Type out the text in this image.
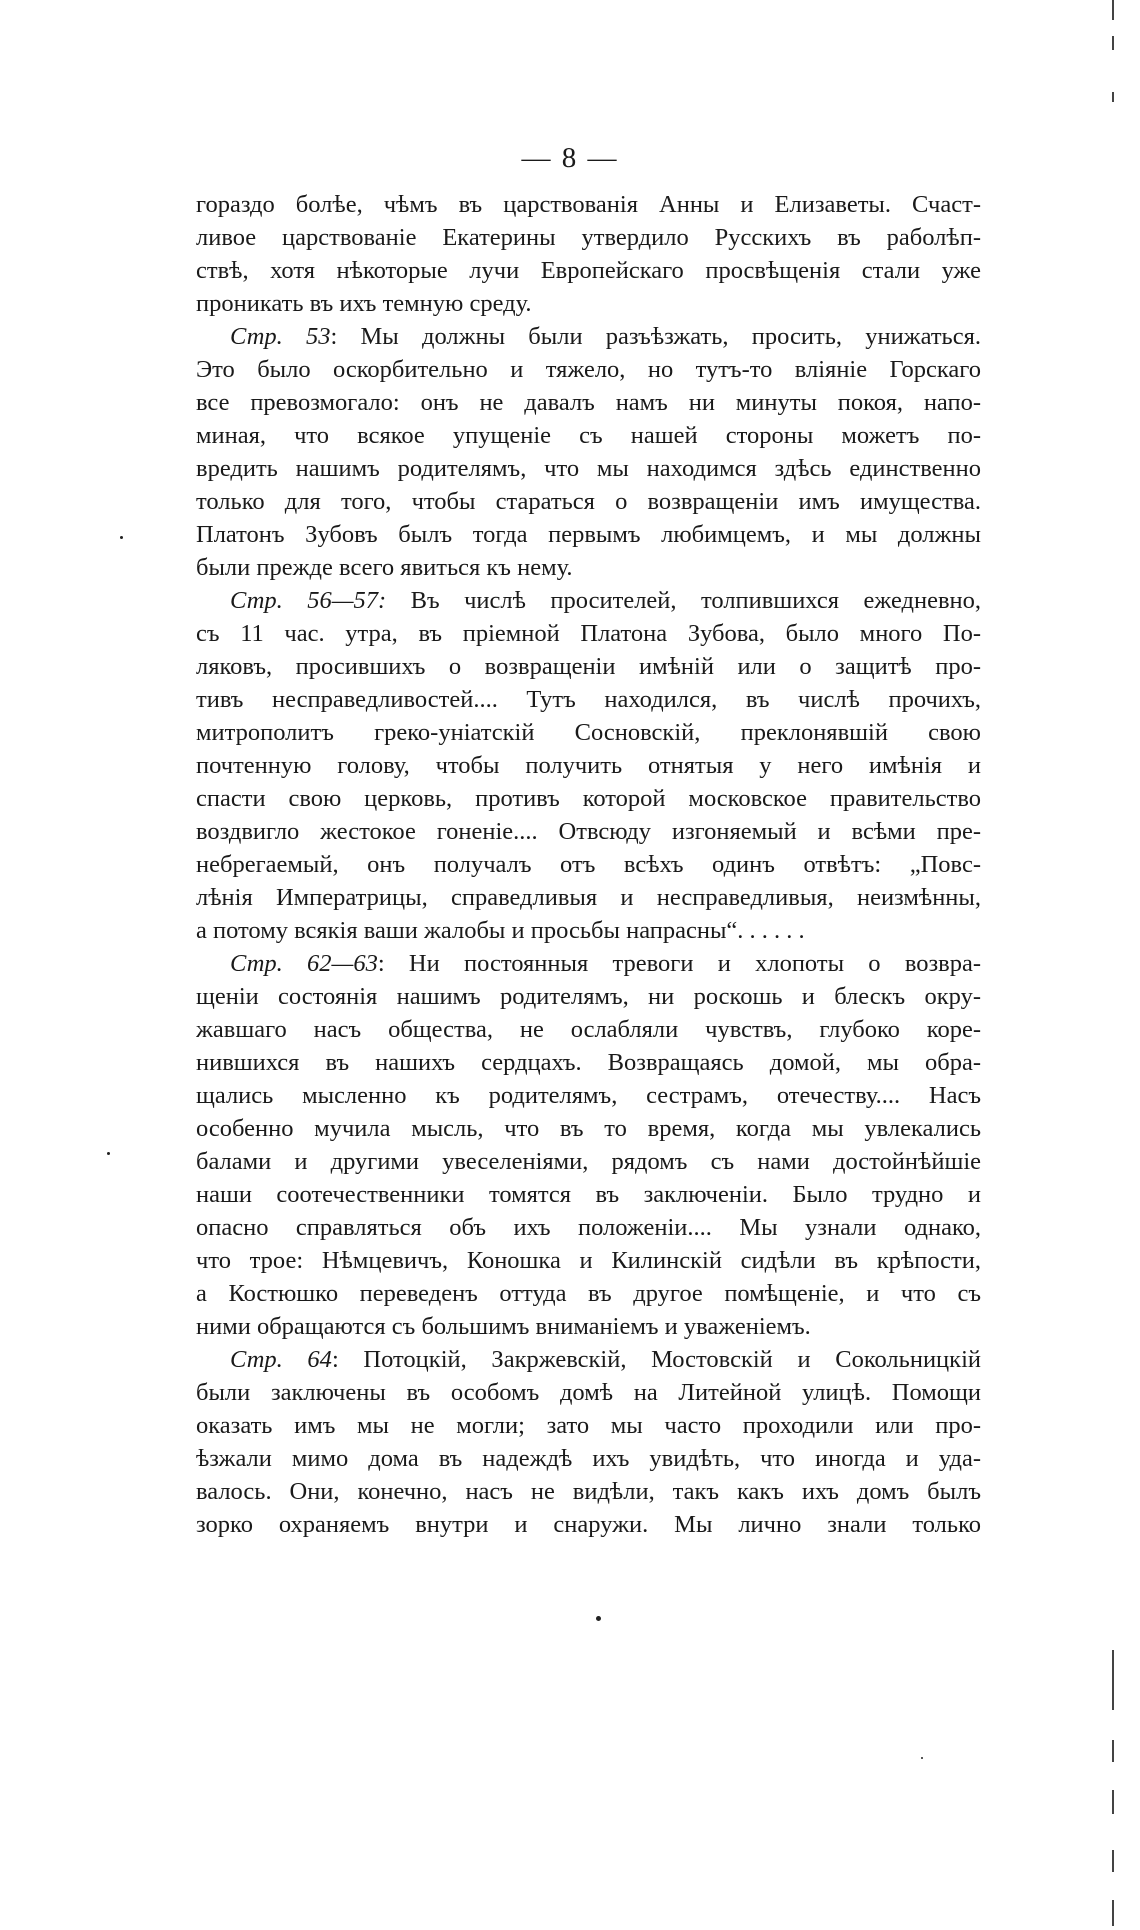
— 8 —
гораздо болѣе, чѣмъ въ царствованія Анны и Елизаветы. Счаст-
ливое царствованіе Екатерины утвердило Русскихъ въ раболѣп-
ствѣ, хотя нѣкоторые лучи Европейскаго просвѣщенія стали уже
проникать въ ихъ темную среду.
Стр. 53: Мы должны были разъѣзжать, просить, унижаться.
Это было оскорбительно и тяжело, но тутъ-то вліяніе Горскаго
все превозмогало: онъ не давалъ намъ ни минуты покоя, напо-
миная, что всякое упущеніе съ нашей стороны можетъ по-
вредить нашимъ родителямъ, что мы находимся здѣсь единственно
только для того, чтобы стараться о возвращеніи имъ имущества.
Платонъ Зубовъ былъ тогда первымъ любимцемъ, и мы должны
были прежде всего явиться къ нему.
Стр. 56—57: Въ числѣ просителей, толпившихся ежедневно,
съ 11 час. утра, въ пріемной Платона Зубова, было много По-
ляковъ, просившихъ о возвращеніи имѣній или о защитѣ про-
тивъ несправедливостей.... Тутъ находился, въ числѣ прочихъ,
митрополитъ греко-уніатскій Сосновскій, преклонявшій свою
почтенную голову, чтобы получить отнятыя у него имѣнія и
спасти свою церковь, противъ которой московское правительство
воздвигло жестокое гоненіе.... Отвсюду изгоняемый и всѣми пре-
небрегаемый, онъ получалъ отъ всѣхъ одинъ отвѣтъ: „Повс-
лѣнія Императрицы, справедливыя и несправедливыя, неизмѣнны,
а потому всякія ваши жалобы и просьбы напрасны“. . . . . .
Стр. 62—63: Ни постоянныя тревоги и хлопоты о возвра-
щеніи состоянія нашимъ родителямъ, ни роскошь и блескъ окру-
жавшаго насъ общества, не ослабляли чувствъ, глубоко коре-
нившихся въ нашихъ сердцахъ. Возвращаясь домой, мы обра-
щались мысленно къ родителямъ, сестрамъ, отечеству.... Насъ
особенно мучила мысль, что въ то время, когда мы увлекались
балами и другими увеселеніями, рядомъ съ нами достойнѣйшіе
наши соотечественники томятся въ заключеніи. Было трудно и
опасно справляться объ ихъ положеніи.... Мы узнали однако,
что трое: Нѣмцевичъ, Коношка и Килинскій сидѣли въ крѣпости,
а Костюшко переведенъ оттуда въ другое помѣщеніе, и что съ
ними обращаются съ большимъ вниманіемъ и уваженіемъ.
Стр. 64: Потоцкій, Закржевскій, Мостовскій и Сокольницкій
были заключены въ особомъ домѣ на Литейной улицѣ. Помощи
оказать имъ мы не могли; зато мы часто проходили или про-
ѣзжали мимо дома въ надеждѣ ихъ увидѣть, что иногда и уда-
валось. Они, конечно, насъ не видѣли, такъ какъ ихъ домъ былъ
зорко охраняемъ внутри и снаружи. Мы лично знали только
